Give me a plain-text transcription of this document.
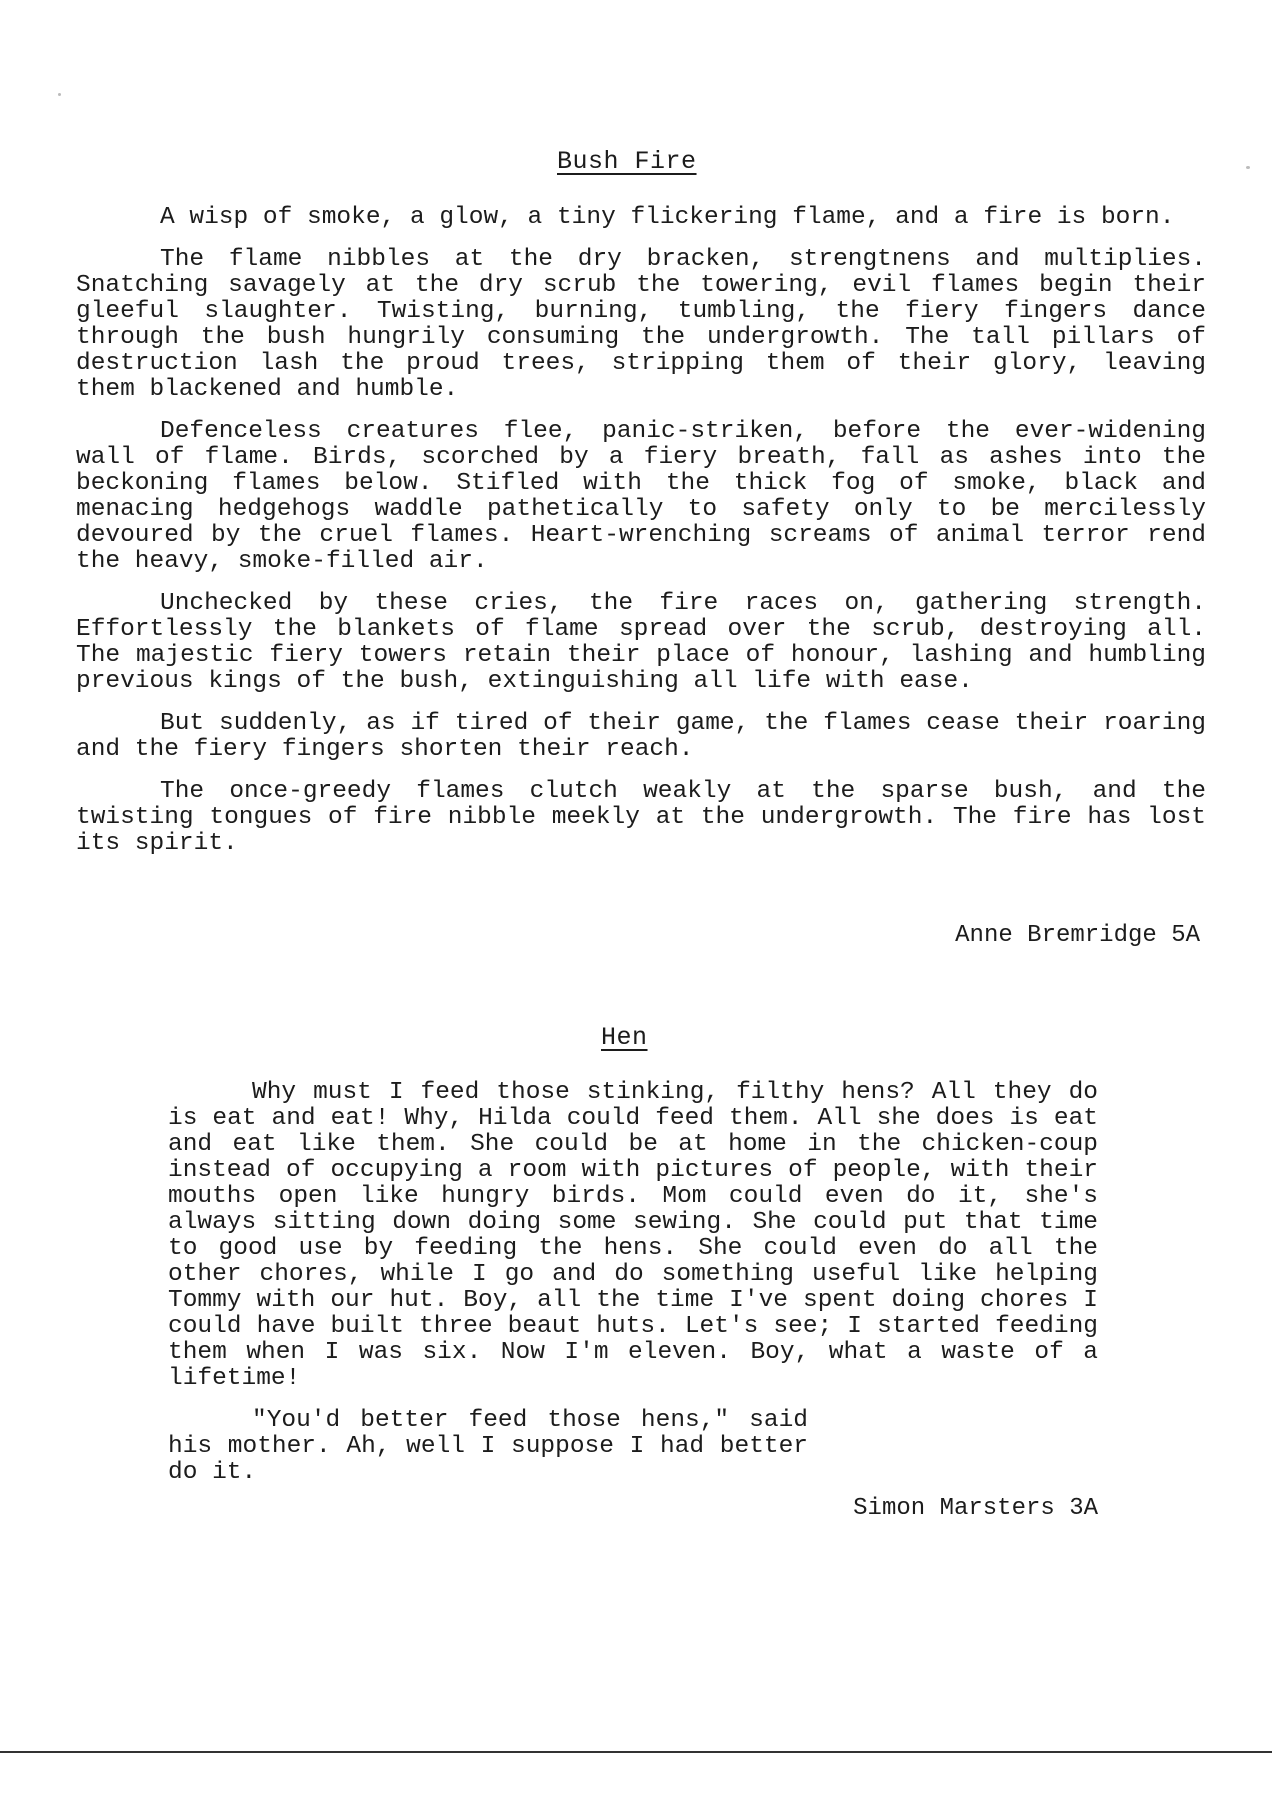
Bush Fire

A wisp of smoke, a glow, a tiny flickering flame, and a fire is born.

The flame nibbles at the dry bracken, strengtnens and multiplies. Snatching savagely at the dry scrub the towering, evil flames begin their gleeful slaughter. Twisting, burning, tumbling, the fiery fingers dance through the bush hungrily consuming the undergrowth. The tall pillars of destruction lash the proud trees, stripping them of their glory, leaving them blackened and humble.

Defenceless creatures flee, panic-striken, before the ever-widening wall of flame. Birds, scorched by a fiery breath, fall as ashes into the beckoning flames below. Stifled with the thick fog of smoke, black and menacing hedgehogs waddle pathetically to safety only to be mercilessly devoured by the cruel flames. Heart-wrenching screams of animal terror rend the heavy, smoke-filled air.

Unchecked by these cries, the fire races on, gathering strength. Effortlessly the blankets of flame spread over the scrub, destroying all. The majestic fiery towers retain their place of honour, lashing and humbling previous kings of the bush, extinguishing all life with ease.

But suddenly, as if tired of their game, the flames cease their roaring and the fiery fingers shorten their reach.

The once-greedy flames clutch weakly at the sparse bush, and the twisting tongues of fire nibble meekly at the undergrowth. The fire has lost its spirit.

Anne Bremridge 5A
Hen

Why must I feed those stinking, filthy hens? All they do is eat and eat! Why, Hilda could feed them. All she does is eat and eat like them. She could be at home in the chicken-coup instead of occupying a room with pictures of people, with their mouths open like hungry birds. Mom could even do it, she's always sitting down doing some sewing. She could put that time to good use by feeding the hens. She could even do all the other chores, while I go and do something useful like helping Tommy with our hut. Boy, all the time I've spent doing chores I could have built three beaut huts. Let's see; I started feeding them when I was six. Now I'm eleven. Boy, what a waste of a lifetime!

"You'd better feed those hens," said his mother. Ah, well I suppose I had better do it.

Simon Marsters 3A
